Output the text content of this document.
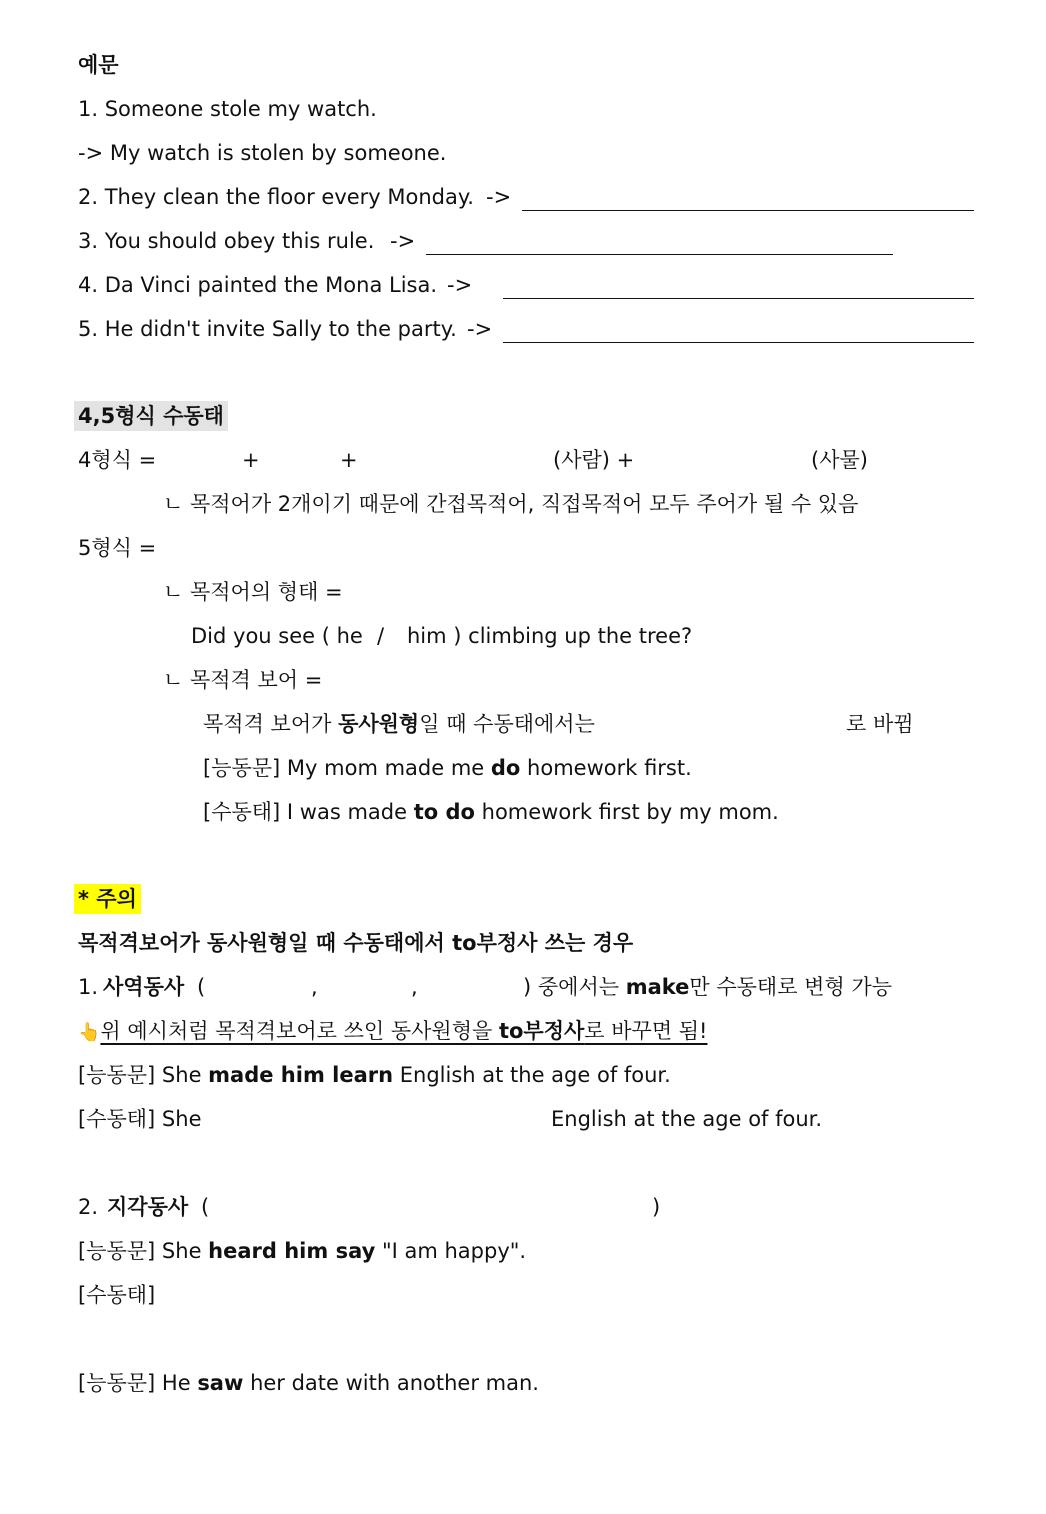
예문
1. Someone stole my watch.
-> My watch is stolen by someone.
2. They clean the floor every Monday. ->
3. You should obey this rule. ->
4. Da Vinci painted the Mona Lisa. ->
5. He didn't invite Sally to the party. ->
4,5형식 수동태
4형식 =	+	+	(사람) +	(사물)
ㄴ 목적어가 2개이기 때문에 간접목적어, 직접목적어 모두 주어가 될 수 있음
5형식 =
ㄴ 목적어의 형태 =
Did you see ( he / him ) climbing up the tree?
ㄴ 목적격 보어 =
목적격 보어가 동사원형일 때 수동태에서는	로 바뀜
[능동문] My mom made me do homework first.
[수동태] I was made to do homework first by my mom.
* 주의
목적격보어가 동사원형일 때 수동태에서 to부정사 쓰는 경우
1. 사역동사 (	,	,	) 중에서는 make만 수동태로 변형 가능
👆위 예시처럼 목적격보어로 쓰인 동사원형을 to부정사로 바꾸면 됨!
[능동문] She made him learn English at the age of four.
[수동태] She	English at the age of four.
2. 지각동사 (	)
[능동문] She heard him say "I am happy".
[수동태]
[능동문] He saw her date with another man.
